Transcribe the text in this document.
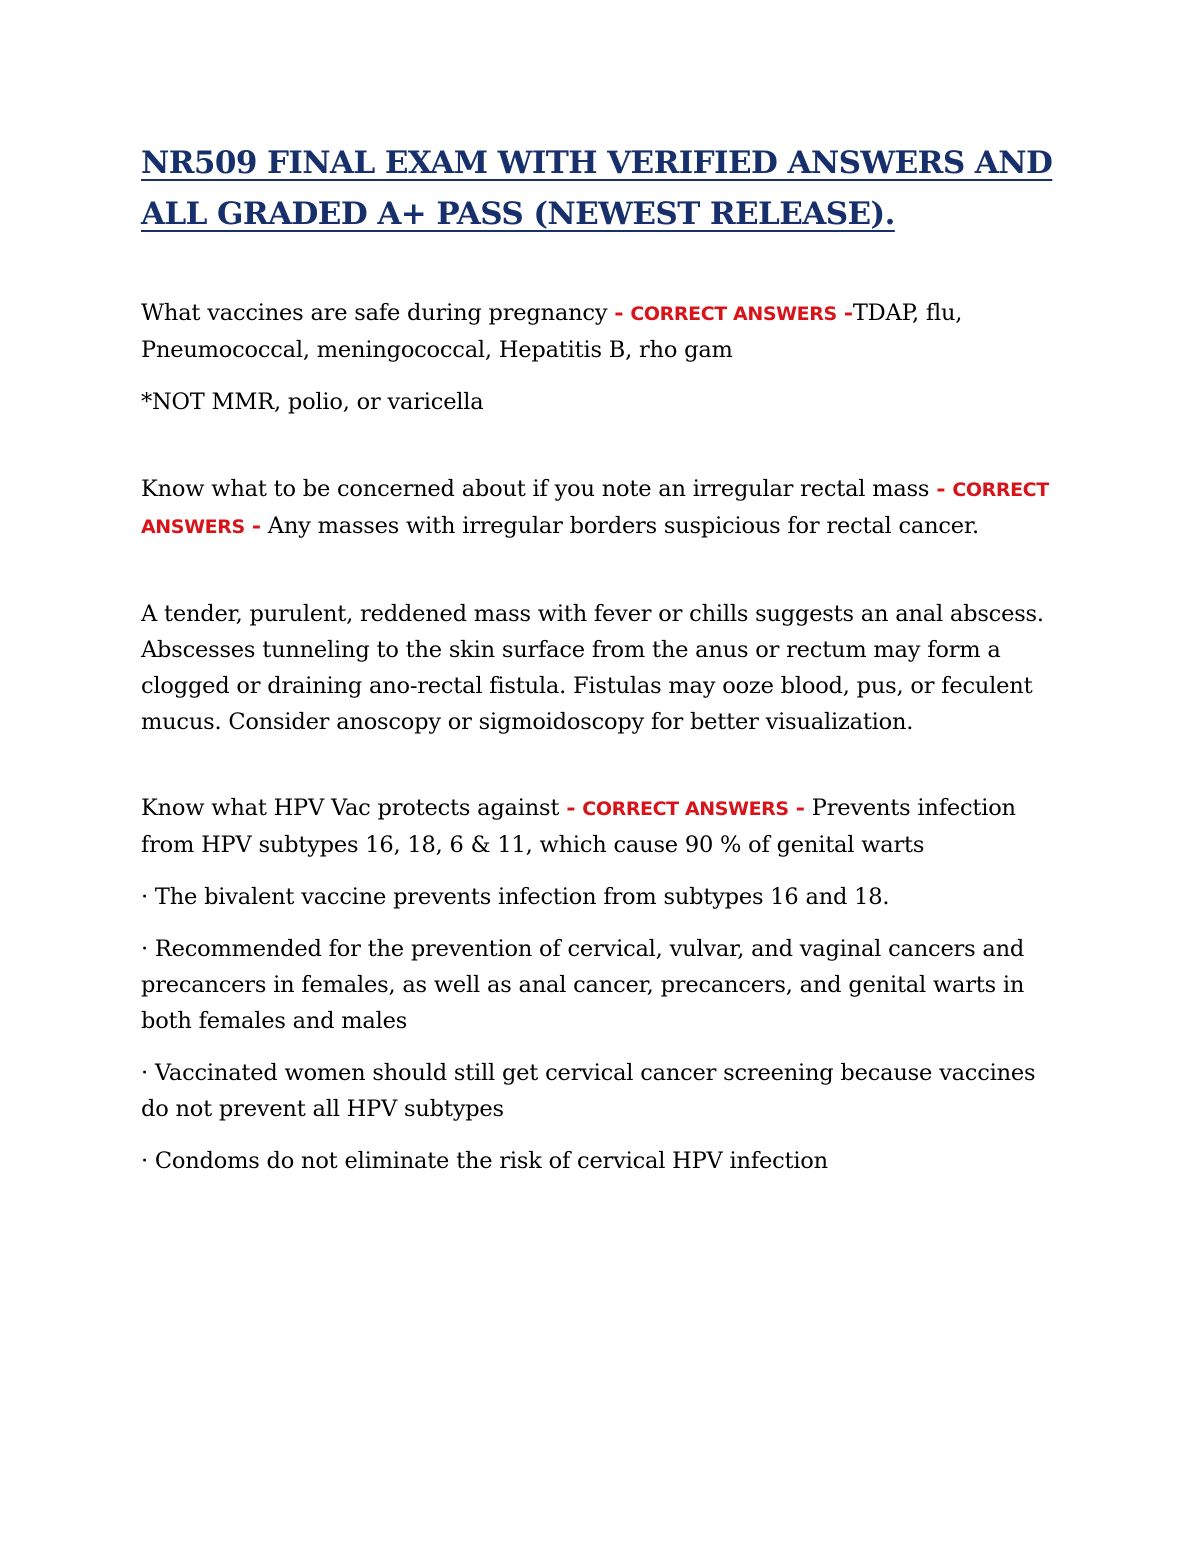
NR509 FINAL EXAM WITH VERIFIED ANSWERS AND ALL GRADED A+ PASS (NEWEST RELEASE).

What vaccines are safe during pregnancy - CORRECT ANSWERS -TDAP, flu, Pneumococcal, meningococcal, Hepatitis B, rho gam

*NOT MMR, polio, or varicella

Know what to be concerned about if you note an irregular rectal mass - CORRECT ANSWERS - Any masses with irregular borders suspicious for rectal cancer.

A tender, purulent, reddened mass with fever or chills suggests an anal abscess. Abscesses tunneling to the skin surface from the anus or rectum may form a clogged or draining ano-rectal fistula. Fistulas may ooze blood, pus, or feculent mucus. Consider anoscopy or sigmoidoscopy for better visualization.

Know what HPV Vac protects against - CORRECT ANSWERS - Prevents infection from HPV subtypes 16, 18, 6 & 11, which cause 90 % of genital warts

· The bivalent vaccine prevents infection from subtypes 16 and 18.

· Recommended for the prevention of cervical, vulvar, and vaginal cancers and precancers in females, as well as anal cancer, precancers, and genital warts in both females and males

· Vaccinated women should still get cervical cancer screening because vaccines do not prevent all HPV subtypes

· Condoms do not eliminate the risk of cervical HPV infection
